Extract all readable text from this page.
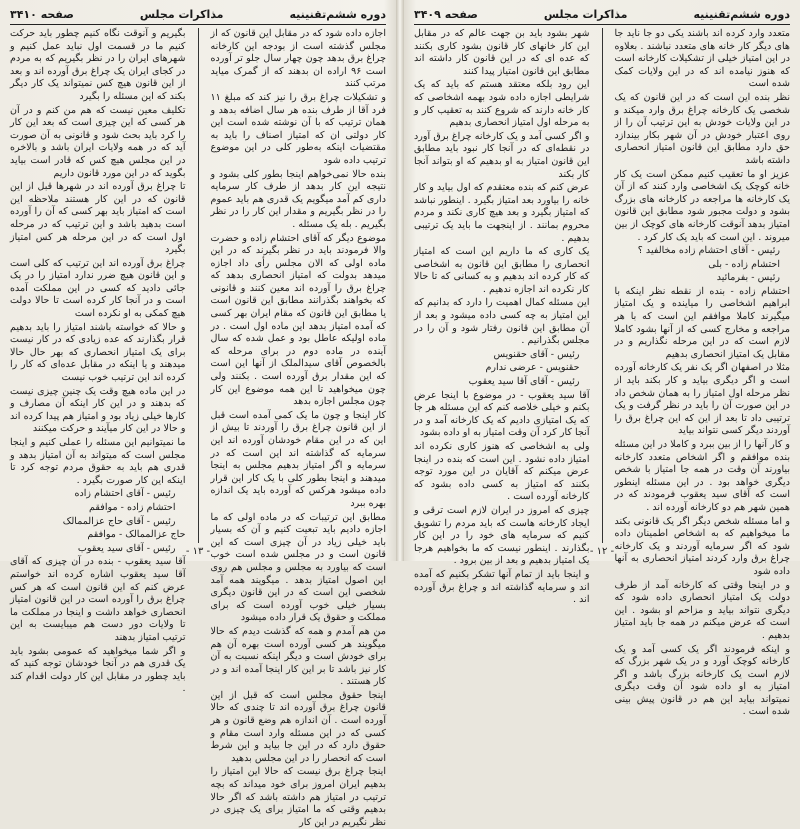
صفحه ۳۴۱۰	مذاکرات مجلس	دوره ششم‌تقنینیه

اجازه داده شود که در مقابل این قانون که از مجلس گذشته است از بودجه این کارخانه چراغ برق بدهد چون چهار سال جلو تر آورده است ۹۶ اراده ان بدهند که از گمرک میاید مرتب کنند

و تشکیلات چراغ برق را نیز کند که مبلغ ۱۱ فرد آقا از طرف بنده هر سال اضافه بدهد و همان ترتیب که با آن نوشته شده است این کار دولتی ان که امتیاز اصناف را باید به مقتضیات اینکه به‌طور کلی در این موضوع ترتیب داده شود

بنده حالا نمی‌خواهم اینجا بطور کلی بشود و نتیجه این کار بدهد از طرف کار سرمایه داری کم آمد میگویم یک قدری هم باید عموم را در نظر بگیریم و مقدار این کار را در نظر بگیریم . بله یک مسئله .

موضوع دیگر که آقای احتشام زاده و حضرت والا فرمودند باید در نظر بگیرند که در این ماده اولی که الان مجلس رأی داد اجازه میدهد بدولت که امتیاز انحصاری بدهد که چراغ برق را آورده اند معین کنند و قانونی که بخواهند بگذرانند مطابق این قانون است یا مطابق این قانون که مقام ایران بهر کسی که آمده امتیاز بدهد این ماده اول است . در ماده اولیکه عاطل بود و عمل شده که سال آینده در ماده دوم در برای مرحله که بالخصوص آقای سیدالملک از آنها این است که این مقدار برق آورده است . بکنند ولی چون میخواهید تا این همه موضوع این کار چون مجلس اجازه بدهد

کار اینجا و چون ما یک کمی آمده است قبل از این قانون چراغ برق را آوردند تا بیش از این که در این مقام خودشان آورده اند این سرمایه که گذاشته اند این است که در سرمایه و اگر امتیاز بدهیم مجلس به اینجا میدهند و اینجا بطور کلی با یک کار این قرار داده میشود هرکس که آورده باید یک اندازه بهره ببرد

مطابق این ترتیبات که در ماده اولی که ما اجازه دادیم باید تبعیت کنیم و آن که بسیار باید خیلی زیاد در آن چیزی است که این قانون است و در مجلس شده است خوب است که بیاورد به مجلس و مجلس هم روی این اصول امتیاز بدهد . میگویند همه آمد شخصی این است که در این قانون دیگری بسیار خیلی خوب آورده است که برای مملکت و حقوق یک قرار داده میشود

من هم آمدم و همه که گذشت دیدم که حالا میگویند هر کسی آورده است بهره آن هم برای خودش است و دیگر اینکه نسبت به آن کار نیز باشد تا بر این کار اینجا آمده اند و در کار هستند .

اینجا حقوق مجلس است که قبل از این قانون چراغ برق آورده اند تا چندی که حالا آورده است . آن اندازه هم وضع قانون و هر کسی که در این مسئله وارد است مقام و حقوق دارد که در این جا بیاید و این شرط است که انحصار را در این مجلس بدهید

اینجا چراغ برق نیست که حالا این امتیاز را بدهیم ایران امروز برای خود میداند که بچه ترتیب در امتیاز هم داشته باشد که اگر حالا بدهیم وقتی که ما امتیاز برای یک چیزی در نظر نگیریم در این کار

بگیریم و آنوقت نگاه کنیم چطور باید حرکت کنیم ما در قسمت اول نباید عمل کنیم و شهرهای ایران را در نظر بگیریم که به مردم در کجای ایران یک چراغ برق آورده اند و بعد از این قانون هیچ کس نمیتواند یک کار دیگر بکند که این مسئله را بگیرد

تکلیف معین نیست که هم من کنم و در آن هر کسی که این چیزی است که بعد این کار را کرد باید بحث شود و قانونی به آن صورت آید که در همه ولایات ایران باشد و بالاخره در این مجلس هیچ کس که قادر است بیاید بگوید که در این مورد قانون داریم

تا چراغ برق آورده اند در شهرها قبل از این قانون که در این کار هستند ملاحظه این است که امتیاز باید بهر کسی که آن را آورده است بدهید باشد و این ترتیب که در مرحله اول است که در این مرحله هر کس امتیاز بگیرد

چراغ برق آورده اند این ترتیب که کلی است و این قانون هیچ ضرر ندارد امتیاز را در یک جائی دادید که کسی در این مملکت آمده است و در آنجا کار کرده است تا حالا دولت هیچ کمکی به او نکرده است

و حالا که خواسته باشند امتیاز را باید بدهیم قرار بگذارند که عده زیادی که در کار نیست برای یک امتیاز انحصاری که بهر حال حالا میدهند و یا اینکه در مقابل عده‌ای که کار را کرده اند این ترتیب خوب نیست

در این ماده هیچ وقت یک چنین چیزی نیست که بدهند و در این کار اینکه آن مصارف و کارها خیلی زیاد بود و امتیاز هم پیدا کرده اند و حالا در این کار میآیند و حرکت میکنند

ما نمیتوانیم این مسئله را عملی کنیم و اینجا مجلس است که میتواند به آن امتیاز بدهد و قدری هم باید به حقوق مردم توجه کرد تا اینکه این کار صورت بگیرد .

رئیس - آقای احتشام زاده

احتشام زاده - موافقم

رئیس - آقای حاج عزالممالک

حاج عزالممالک - موافقم

رئیس - آقای سید یعقوب

آقا سید یعقوب - بنده در آن چیزی که آقای آقا سید یعقوب اشاره کرده اند خواستم عرض کنم که این قانون است که هر کس چراغ برق را آورده است در این قانون امتیاز انحصاری خواهد داشت و اینجا در مملکت ما تا ولایات دور دست هم میبایست به این ترتیب امتیاز بدهند

و اگر شما میخواهید که عمومی بشود باید یک قدری هم در آنجا خودشان توجه کنید که باید چطور در مقابل این کار دولت اقدام کند .

- ۱۳ -
صفحه ۳۴۰۹	مذاکرات مجلس	دوره ششم‌تقنینیه

متعدد وارد کرده اند باشند یکی دو جا ناید جا های دیگر کار خانه های متعدد نباشند . بعلاوه در این امتیاز خیلی از تشکیلات کارخانه است که هنوز نیامده اند که در این ولایات کمک شده است

نظر بنده این است که در این قانون که یک شخصی یک کارخانه چراغ برق وارد میکند و در این ولایات خودش به این ترتیب آن را از روی اعتبار خودش در آن شهر بکار بیندازد حق دارد مطابق این قانون امتیاز انحصاری داشته باشد

عزیز او ما تعقیب کنیم ممکن است یک کار خانه کوچک یک اشخاصی وارد کنند که از آن یک کارخانه ها مراجعه در کارخانه های بزرگ بشود و دولت مجبور شود مطابق این قانون امتیاز بدهد آنوقت کارخانه های کوچک از بین میروند . این است که باید یک کار کرد .

رئیس - آقای احتشام زاده مخالفید ؟

احتشام زاده - بلی

رئیس - بفرمائید

احتشام زاده - بنده از نقطه نظر اینکه با ابراهیم اشخاصی را میاینده و یک امتیاز میگیرند کاملا موافقم این است که با هر مراجعه و مخارج کسی که از آنها بشود کاملا لازم است که در این مرحله نگذاریم و در مقابل یک امتیاز انحصاری بدهیم

مثلا در اصفهان اگر یک نفر یک کارخانه آورده است و اگر دیگری بیاید و کار بکند باید از نظر مرحله اول امتیاز را به همان شخص داد در این صورت آن را باید در نظر گرفت و یک ترتیبی داد تا بعد از این که این چراغ برق را آوردند دیگر کسی نتواند بیاید

و کار آنها را از بین ببرد و کاملا در این مسئله بنده موافقم و اگر اشخاص متعدد کارخانه بیاورند آن وقت در همه جا امتیاز با شخص دیگری خواهد بود . در این مسئله اینطور است که آقای سید یعقوب فرمودند که در همین شهر هم دو کارخانه آورده اند .

و اما مسئله شخص دیگر اگر یک قانونی بکند ما میخواهیم که به اشخاص اطمینان داده شود که اگر سرمایه آوردند و یک کارخانه چراغ برق وارد کردند امتیاز انحصاری به آنها داده شود

و در اینجا وقتی که کارخانه آمد از طرف دولت یک امتیاز انحصاری داده شود که دیگری نتواند بیاید و مزاحم او بشود . این است که عرض میکنم در همه جا باید امتیاز بدهیم .

و اینکه فرمودند اگر یک کسی آمد و یک کارخانه کوچک آورد و در یک شهر بزرگ که لازم است یک کارخانه بزرگ باشد و اگر امتیاز به او داده شود آن وقت دیگری نمیتواند بیاید این هم در قانون پیش بینی شده است .

شهر بشود باید بن جهت عالم که در مقابل این کار خانهای کار قانون بشود کاری بکنند که عده ای که در این قانون کار داشته اند مطابق این قانون امتیاز پیدا کنند

این رود بلکه معتقد هستم که باید که یک شرایطی اجازه داده شود بهمه اشخاصی که کار خانه دارند که شروع کنند به تعقیب کار و به مرحله اول امتیاز انحصاری بدهیم

و اگر کسی آمد و یک کارخانه چراغ برق آورد در نقطه‌ای که در آنجا کار نبود باید مطابق این قانون امتیاز به او بدهیم که او بتواند آنجا کار بکند

عرض کنم که بنده معتقدم که اول بیاید و کار خانه را بیاورد بعد امتیاز بگیرد . اینطور نباشد که امتیاز بگیرد و بعد هیچ کاری نکند و مردم محروم بمانند . از اینجهت ما باید یک ترتیبی بدهیم .

یک کاری که ما داریم این است که امتیاز انحصاری را مطابق این قانون به اشخاصی که کار کرده اند بدهیم و به کسانی که تا حالا کار نکرده اند اجازه ندهیم .

این مسئله کمال اهمیت را دارد که بدانیم که این امتیاز به چه کسی داده میشود و بعد از آن مطابق این قانون رفتار شود و آن را در مجلس بگذرانیم .

رئیس - آقای حقنویس

حقنویس - عرضی ندارم

رئیس - آقای آقا سید یعقوب

آقا سید یعقوب - در موضوع با اینجا عرض بکنم و خیلی خلاصه کنم که این مسئله هر جا که یک امتیازی دادیم که یک کارخانه آمد و در آنجا کار کرد آن وقت امتیاز به او داده بشود

ولی به اشخاصی که هنوز کاری نکرده اند امتیاز داده نشود . این است که بنده در اینجا عرض میکنم که آقایان در این مورد توجه بکنند که امتیاز به کسی داده بشود که کارخانه آورده است .

چیزی که امروز در ایران لازم است ترقی و ایجاد کارخانه هاست که باید مردم را تشویق کنیم که سرمایه های خود را در این کار بگذارند . اینطور نیست که ما بخواهیم هرجا یک امتیاز بدهیم و بعد از بین برود .

و اینجا باید از تمام آنها تشکر بکنیم که آمده اند و سرمایه گذاشته اند و چراغ برق آورده اند .

- ۱۲ -
